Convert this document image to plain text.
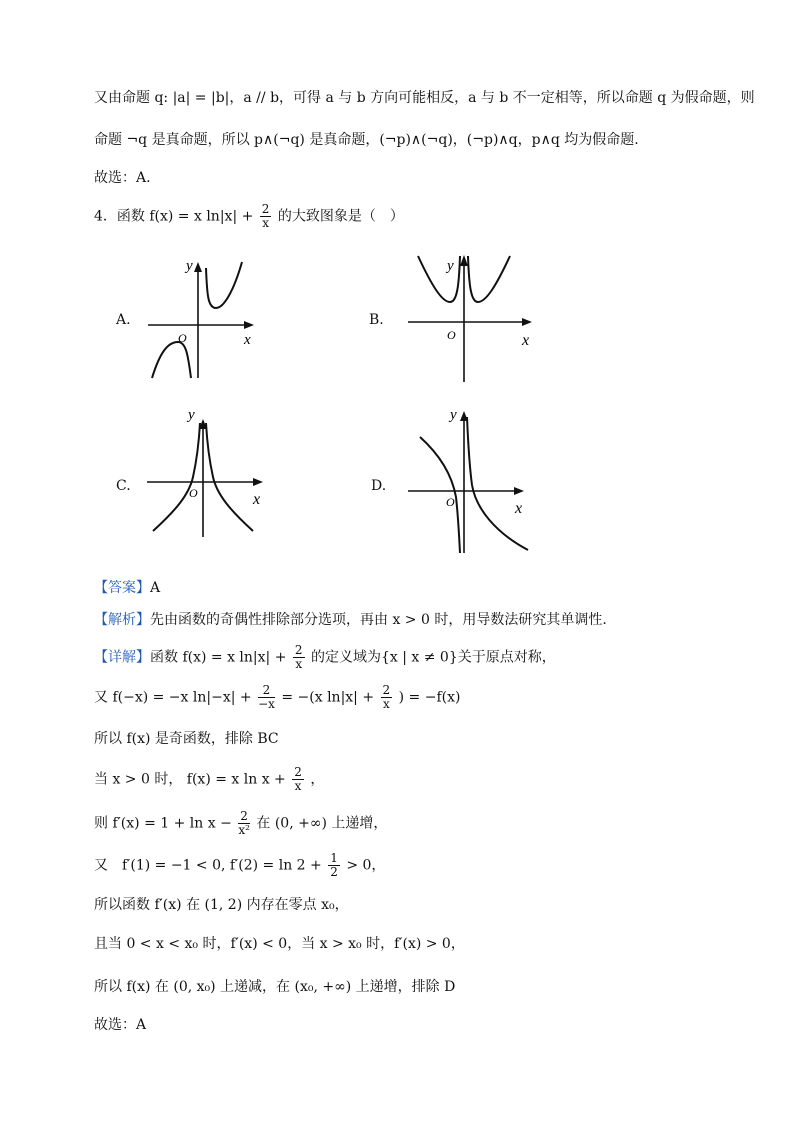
又由命题 q: |a| = |b|，a // b，可得 a 与 b 方向可能相反，a 与 b 不一定相等，所以命题 q 为假命题，则
命题 ¬q 是真命题，所以 p∧(¬q) 是真命题，(¬p)∧(¬q)，(¬p)∧q，p∧q 均为假命题.
故选：A.
4．函数 f(x) = x $\ln|x| + \frac{2}{x}$ 的大致图象是（　）
A.
y
x
O
B.
y
x
O
C.
y
x
O	D.
y
x
O
【答案】A
【解析】先由函数的奇偶性排除部分选项，再由 x > 0 时，用导数法研究其单调性.
【详解】函数 f(x) = x $\ln|x| + \frac{2}{x}$ 的定义域为{x | x ≠ 0}关于原点对称，
又 f(−x) = −x $\ln|-x| + \frac{2}{-x} = -(x$ $\ln|x| + \frac{2}{x}$ ) = −f(x)
所以 f(x) 是奇函数，排除 BC
当 x > 0 时， f(x) = x $\ln x + \frac{2}{x}$ ，
则 $f'(x) = 1 + \ln x - \frac{2}{\text{x²}}$ 在 (0, +∞) 上递增，
又　f′(1) = −1 < 0, $f'(2) = \ln 2 + \frac{1}{2} > 0$，
所以函数 f′(x) 在 (1, 2) 内存在零点 x₀，
且当 0 < x < x₀ 时，f′(x) < 0，当 x > x₀ 时，f′(x) > 0，
所以 f(x) 在 (0, x₀) 上递减，在 (x₀, +∞) 上递增，排除 D
故选：A
